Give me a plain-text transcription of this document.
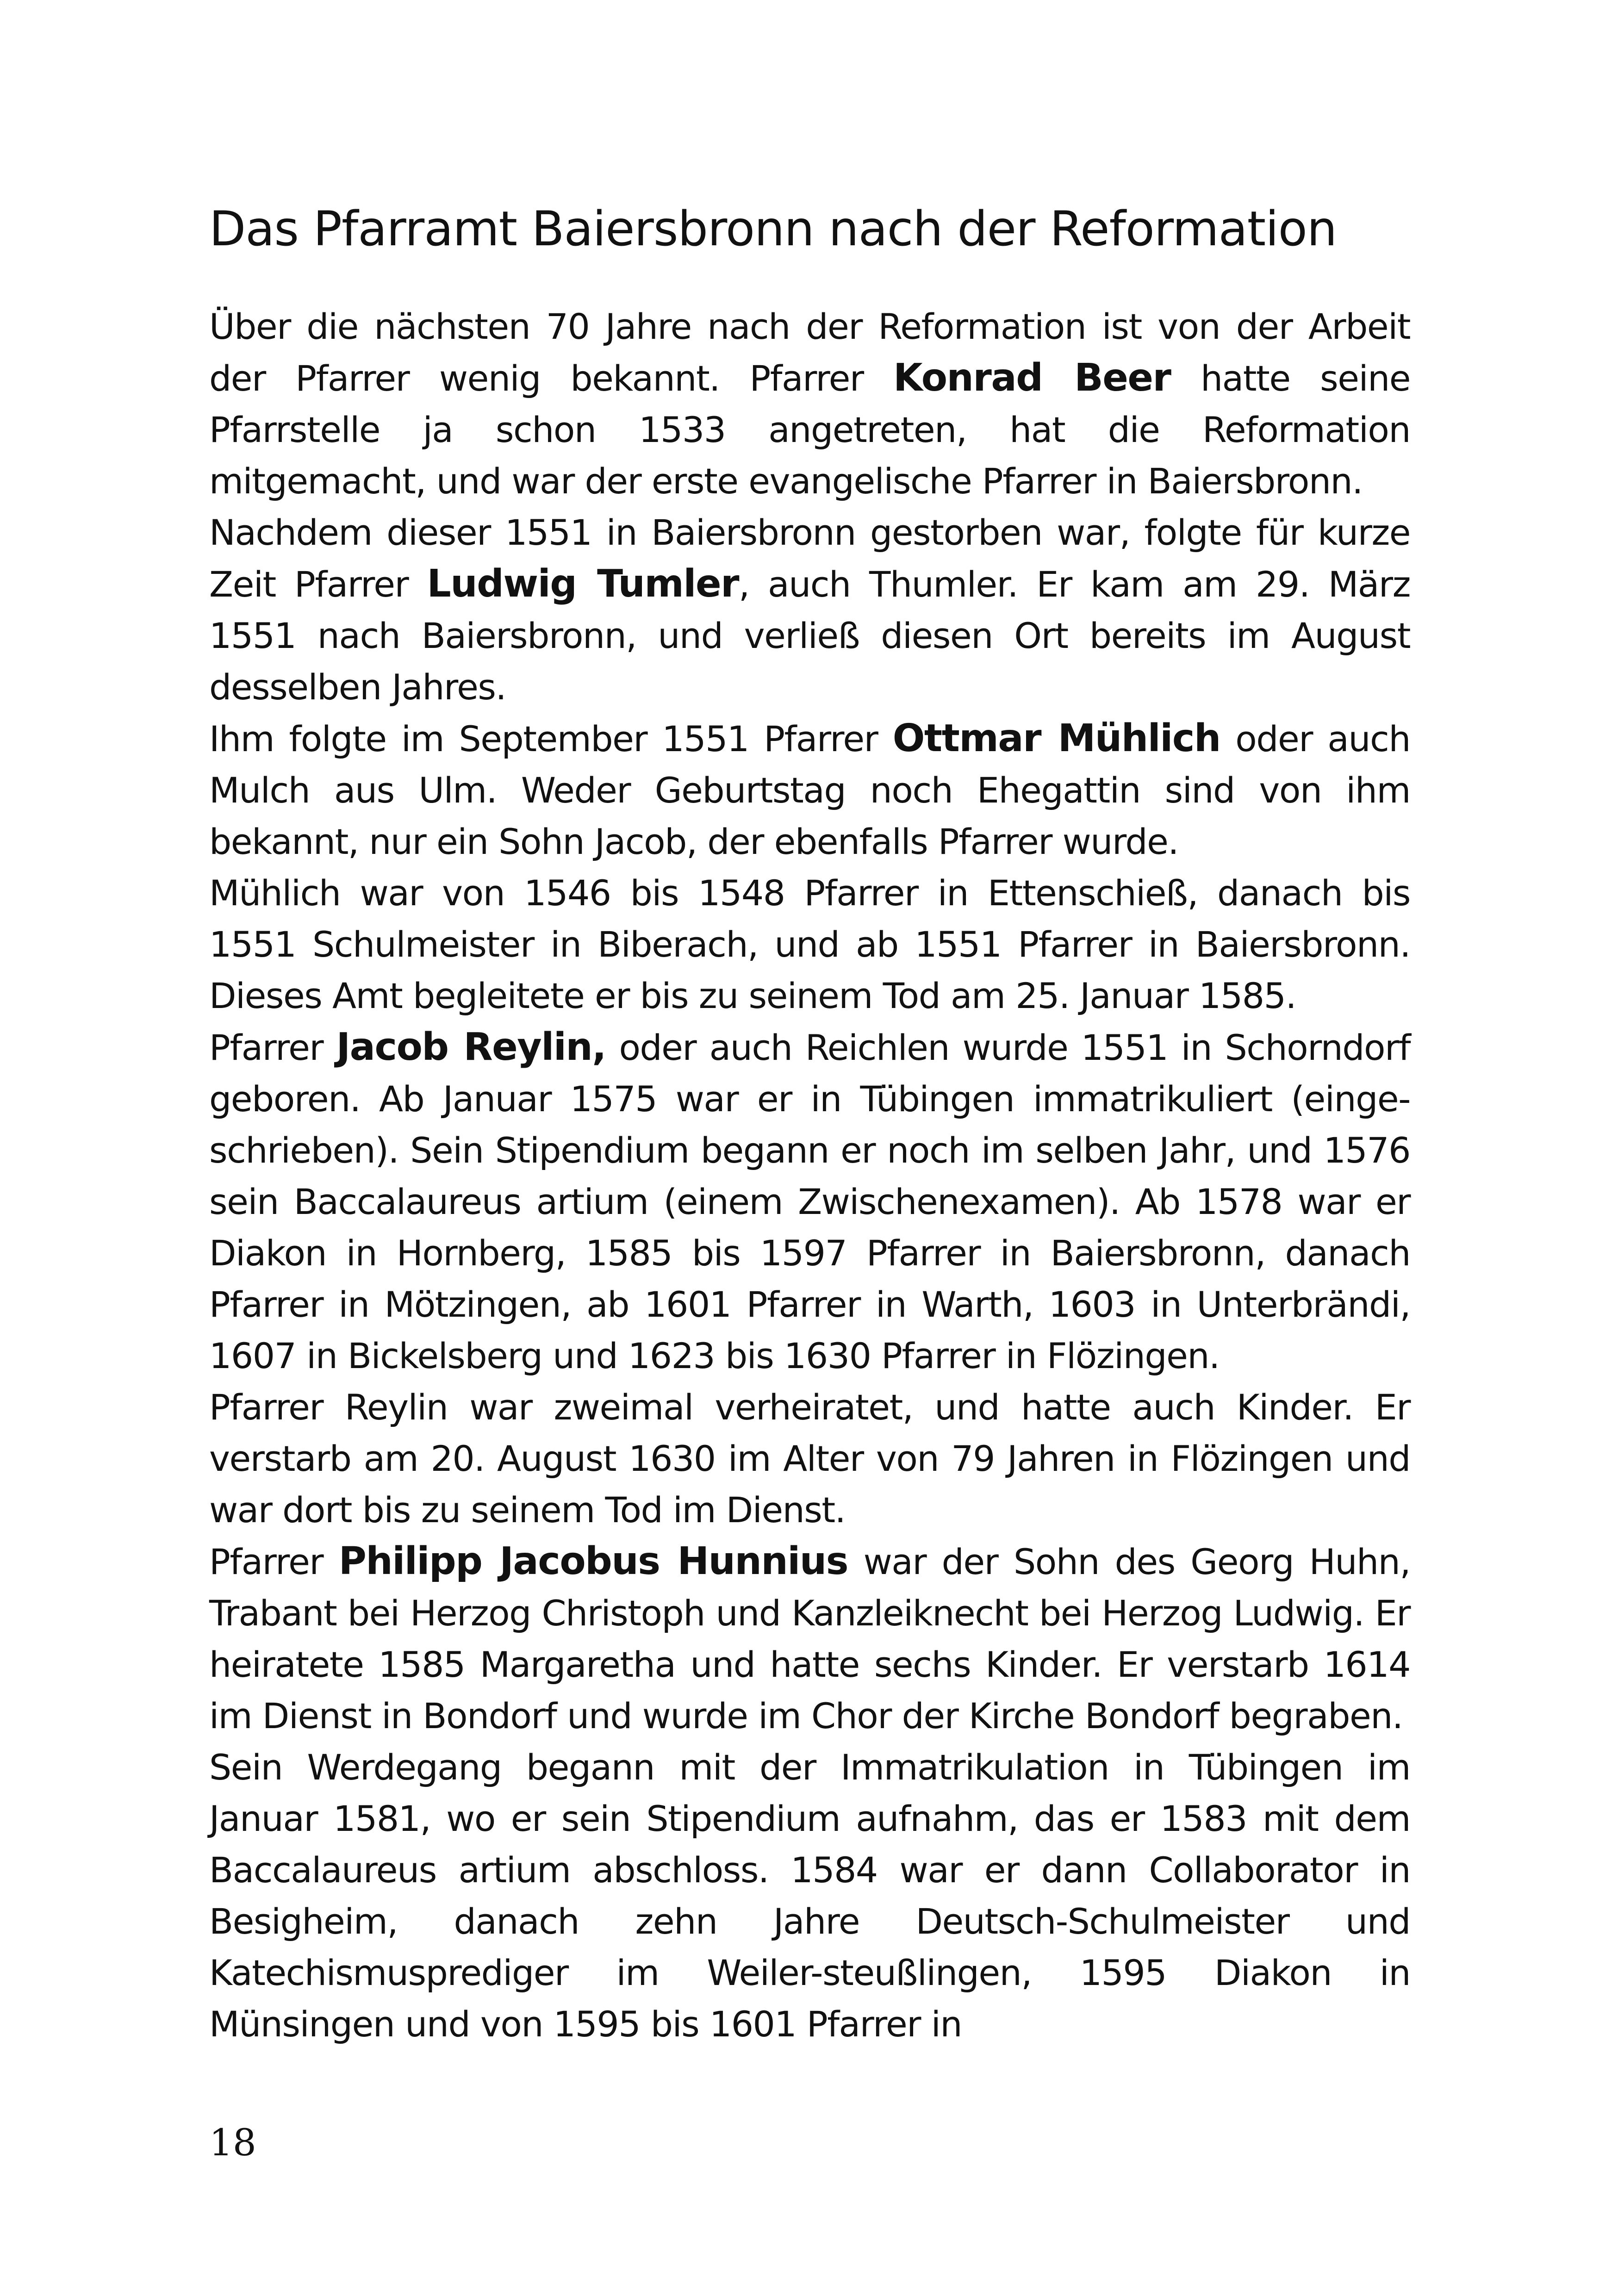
Das Pfarramt Baiersbronn nach der Reformation

Über die nächsten 70 Jahre nach der Reformation ist von der Arbeit der Pfarrer wenig bekannt. Pfarrer Konrad Beer hatte seine Pfarrstelle ja schon 1533 angetreten, hat die Reformation mitgemacht, und war der erste evangelische Pfarrer in Baiersbronn.

Nachdem dieser 1551 in Baiersbronn gestorben war, folgte für kurze Zeit Pfarrer Ludwig Tumler, auch Thumler. Er kam am 29. März 1551 nach Baiersbronn, und verließ diesen Ort bereits im August desselben Jahres.

Ihm folgte im September 1551 Pfarrer Ottmar Mühlich oder auch Mulch aus Ulm. Weder Geburtstag noch Ehegattin sind von ihm bekannt, nur ein Sohn Jacob, der ebenfalls Pfarrer wurde.

Mühlich war von 1546 bis 1548 Pfarrer in Ettenschieß, danach bis 1551 Schulmeister in Biberach, und ab 1551 Pfarrer in Baiersbronn. Dieses Amt begleitete er bis zu seinem Tod am 25. Januar 1585.

Pfarrer Jacob Reylin, oder auch Reichlen wurde 1551 in Schorndorf geboren. Ab Januar 1575 war er in Tübingen immatrikuliert (einge-schrieben). Sein Stipendium begann er noch im selben Jahr, und 1576 sein Baccalaureus artium (einem Zwischenexamen). Ab 1578 war er Diakon in Hornberg, 1585 bis 1597 Pfarrer in Baiersbronn, danach Pfarrer in Mötzingen, ab 1601 Pfarrer in Warth, 1603 in Unterbrändi, 1607 in Bickelsberg und 1623 bis 1630 Pfarrer in Flözingen.

Pfarrer Reylin war zweimal verheiratet, und hatte auch Kinder. Er verstarb am 20. August 1630 im Alter von 79 Jahren in Flözingen und war dort bis zu seinem Tod im Dienst.

Pfarrer Philipp Jacobus Hunnius war der Sohn des Georg Huhn, Trabant bei Herzog Christoph und Kanzleiknecht bei Herzog Ludwig. Er heiratete 1585 Margaretha und hatte sechs Kinder. Er verstarb 1614 im Dienst in Bondorf und wurde im Chor der Kirche Bondorf begraben.

Sein Werdegang begann mit der Immatrikulation in Tübingen im Januar 1581, wo er sein Stipendium aufnahm, das er 1583 mit dem Baccalaureus artium abschloss. 1584 war er dann Collaborator in Besigheim, danach zehn Jahre Deutsch-Schulmeister und Katechismusprediger im Weiler-steußlingen, 1595 Diakon in Münsingen und von 1595 bis 1601 Pfarrer in

18
